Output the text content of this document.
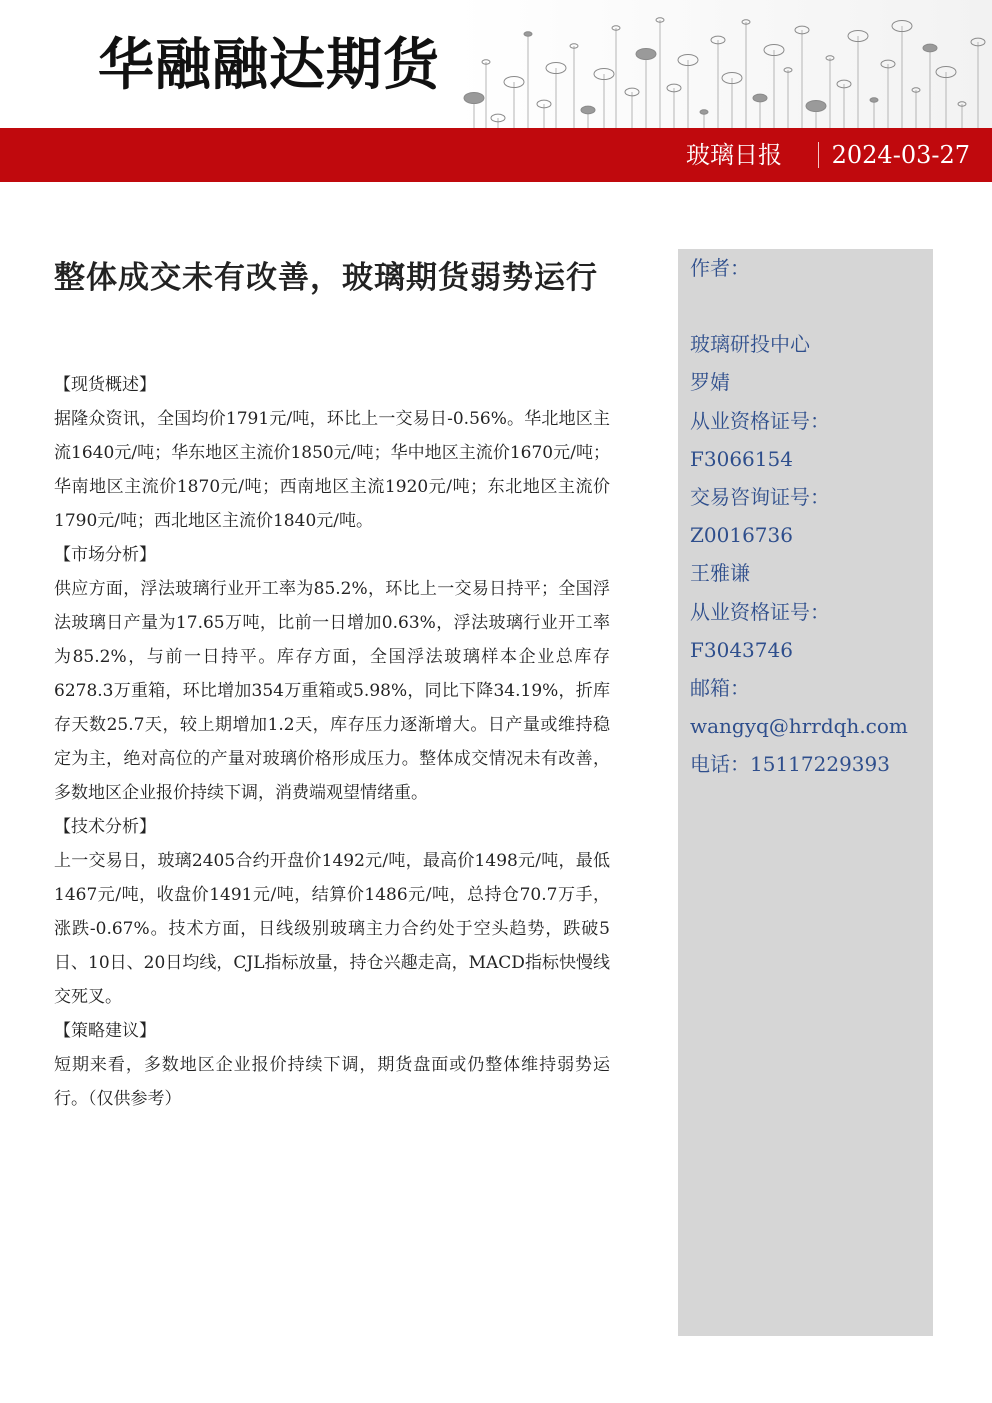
华融融达期货
玻璃日报 2024-03-27
整体成交未有改善，玻璃期货弱势运行
【现货概述】

据隆众资讯，全国均价1791元/吨，环比上一交易日-0.56%。华北地区主流1640元/吨；华东地区主流价1850元/吨；华中地区主流价1670元/吨；华南地区主流价1870元/吨；西南地区主流1920元/吨；东北地区主流价1790元/吨；西北地区主流价1840元/吨。

【市场分析】

供应方面，浮法玻璃行业开工率为85.2%，环比上一交易日持平；全国浮法玻璃日产量为17.65万吨，比前一日增加0.63%，浮法玻璃行业开工率为85.2%，与前一日持平。库存方面，全国浮法玻璃样本企业总库存6278.3万重箱，环比增加354万重箱或5.98%，同比下降34.19%，折库存天数25.7天，较上期增加1.2天，库存压力逐渐增大。日产量或维持稳定为主，绝对高位的产量对玻璃价格形成压力。整体成交情况未有改善，多数地区企业报价持续下调，消费端观望情绪重。

【技术分析】

上一交易日，玻璃2405合约开盘价1492元/吨，最高价1498元/吨，最低1467元/吨，收盘价1491元/吨，结算价1486元/吨，总持仓70.7万手，涨跌-0.67%。技术方面，日线级别玻璃主力合约处于空头趋势，跌破5日、10日、20日均线，CJL指标放量，持仓兴趣走高，MACD指标快慢线交死叉。

【策略建议】

短期来看，多数地区企业报价持续下调，期货盘面或仍整体维持弱势运行。（仅供参考）

作者：
玻璃研投中心
罗婧
从业资格证号：
F3066154
交易咨询证号：
Z0016736
王雅谦
从业资格证号：
F3043746
邮箱：
wangyq@hrrdqh.com
电话：15117229393
